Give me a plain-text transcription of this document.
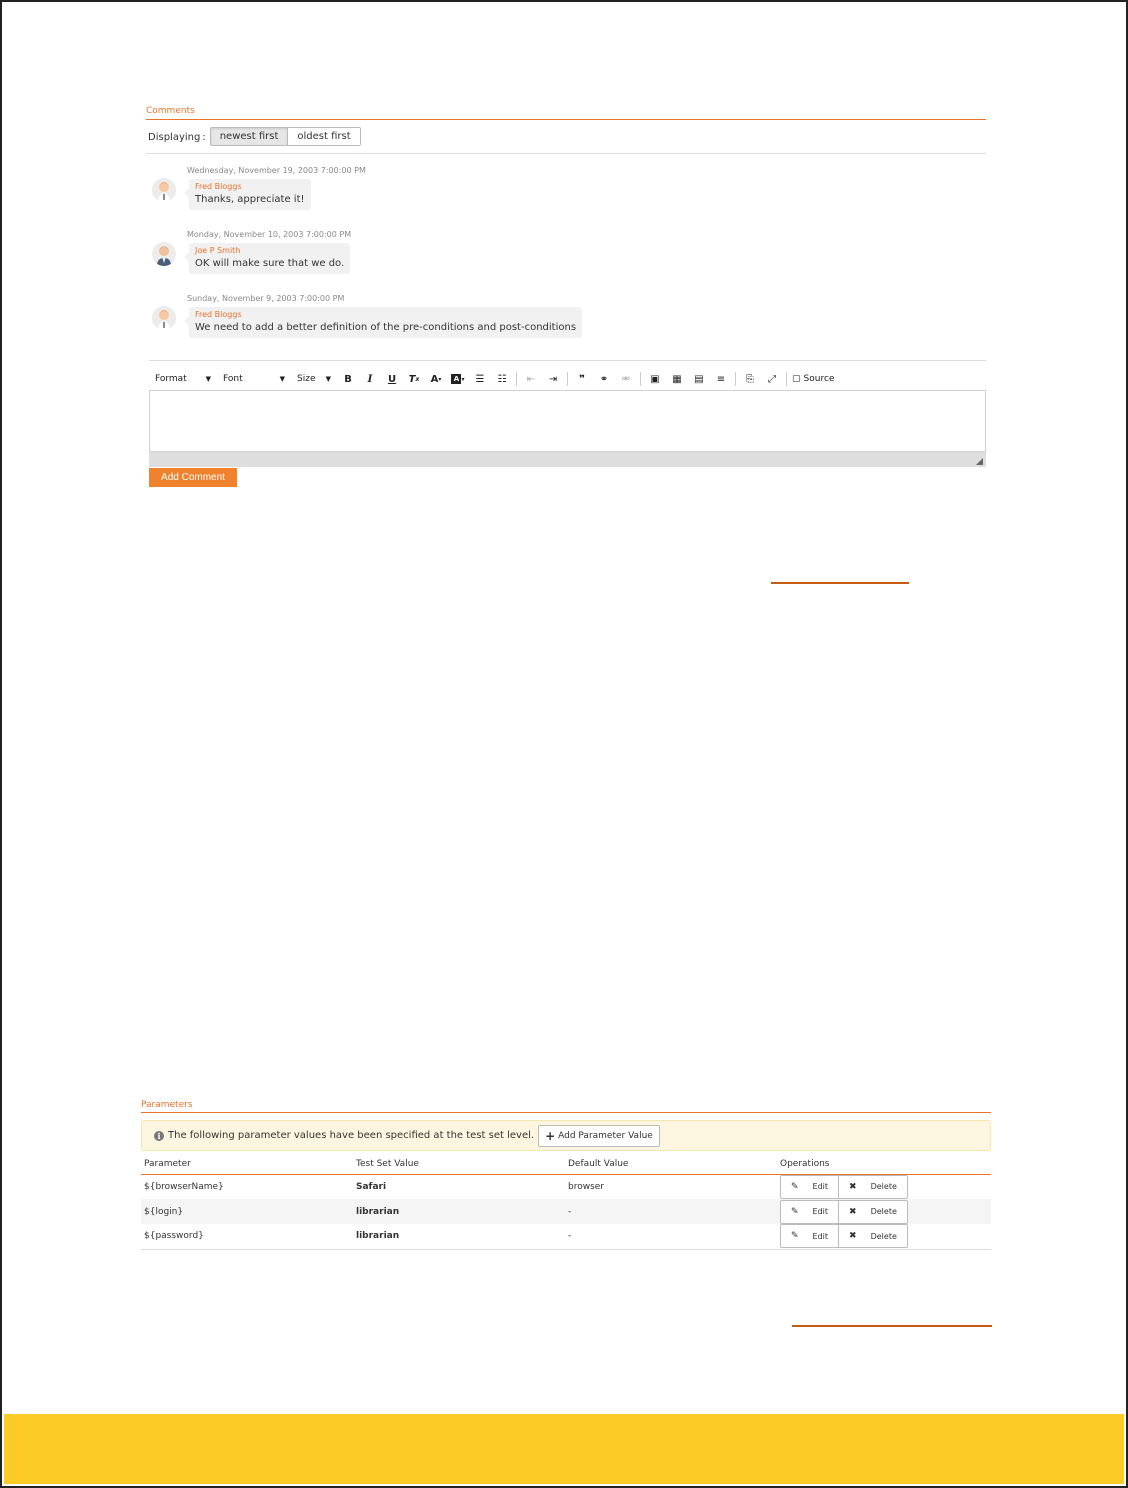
Comments
Displaying :	newest first	oldest first
Wednesday, November 19, 2003 7:00:00 PM
Fred Bloggs
Thanks, appreciate it!
Monday, November 10, 2003 7:00:00 PM
Joe P Smith
OK will make sure that we do.
Sunday, November 9, 2003 7:00:00 PM
Fred Bloggs
We need to add a better definition of the pre-conditions and post-conditions
Format	▼ Font	▼ Size ▼	B	I	U	T x	A ▾	A ▾	☰	☷	⇤	⇥	❞	⚭	⚮	▣	▦	▤	≡	⎘	⤢	▢ Source
Add Comment
Parameters
i The following parameter values have been specified at the test set level. + Add Parameter Value
Parameter	Test Set Value	Default Value	Operations
${browserName}	Safari	browser	✎ Edit ✖ Delete

${login}	librarian	-	✎ Edit ✖ Delete

${password}	librarian	-	✎ Edit ✖ Delete
